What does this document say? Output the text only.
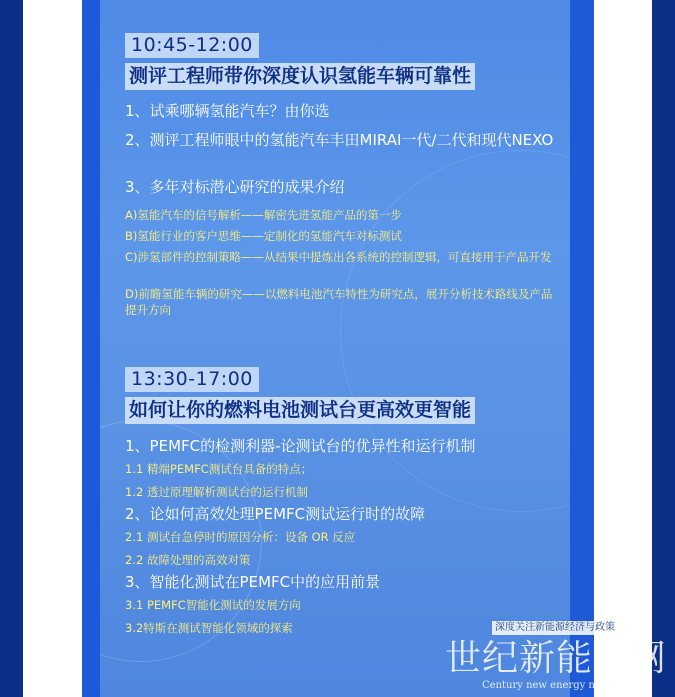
10:45-12:00
测评工程师带你深度认识氢能车辆可靠性
1、试乘哪辆氢能汽车？由你选
2、测评工程师眼中的氢能汽车丰田MIRAI一代/二代和现代NEXO
3、多年对标潜心研究的成果介绍
A)氢能汽车的信号解析——解密先进氢能产品的第一步
B)氢能行业的客户思维——定制化的氢能汽车对标测试
C)涉氢部件的控制策略——从结果中提炼出各系统的控制逻辑，可直接用于产品开发
D)前瞻氢能车辆的研究——以燃料电池汽车特性为研究点，展开分析技术路线及产品提升方向
13:30-17:00
如何让你的燃料电池测试台更高效更智能
1、PEMFC的检测利器-论测试台的优异性和运行机制
1.1 精端PEMFC测试台具备的特点；
1.2 透过原理解析测试台的运行机制
2、论如何高效处理PEMFC测试运行时的故障
2.1 测试台急停时的原因分析：设备 OR 反应
2.2 故障处理的高效对策
3、智能化测试在PEMFC中的应用前景
3.1 PEMFC智能化测试的发展方向
3.2特斯在测试智能化领域的探索	深度关注新能源经济与政策
世纪新能源网
Century new energy network
